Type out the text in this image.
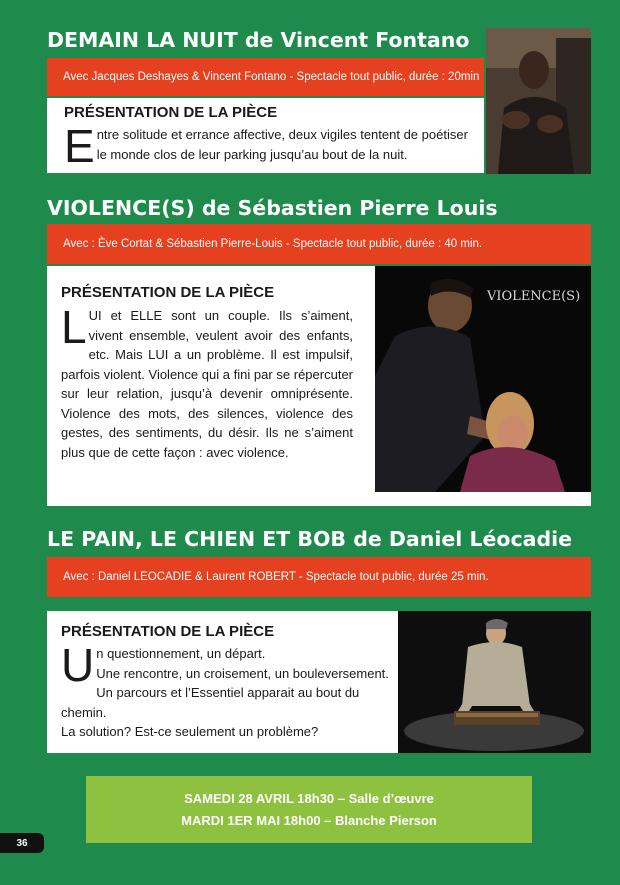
DEMAIN LA NUIT de Vincent Fontano
Avec Jacques Deshayes & Vincent Fontano - Spectacle tout public, durée : 20min
PRÉSENTATION DE LA PIÈCE
Entre solitude et errance affective, deux vigiles tentent de poétiser le monde clos de leur parking jusqu’au bout de la nuit.
VIOLENCE(S) de Sébastien Pierre Louis
Avec : Ève Cortat & Sébastien Pierre-Louis - Spectacle tout public, durée : 40 min.
PRÉSENTATION DE LA PIÈCE
LUI et ELLE sont un couple. Ils s’aiment, vivent ensemble, veulent avoir des enfants, etc. Mais LUI a un problème. Il est impulsif, parfois violent. Violence qui a fini par se répercuter sur leur relation, jusqu’à devenir omniprésente. Violence des mots, des silences, violence des gestes, des sentiments, du désir. Ils ne s’aiment plus que de cette façon : avec violence.
VIOLENCE(S)
LE PAIN, LE CHIEN ET BOB de Daniel Léocadie
Avec : Daniel LEOCADIE & Laurent ROBERT - Spectacle tout public, durée 25 min.
PRÉSENTATION DE LA PIÈCE
U n questionnement, un départ.
Une rencontre, un croisement, un bouleversement.
Un parcours et l’Essentiel apparait au bout du chemin.
La solution? Est-ce seulement un problème?
SAMEDI 28 AVRIL 18h30 – Salle d’œuvre
MARDI 1ER MAI 18h00 – Blanche Pierson
36
